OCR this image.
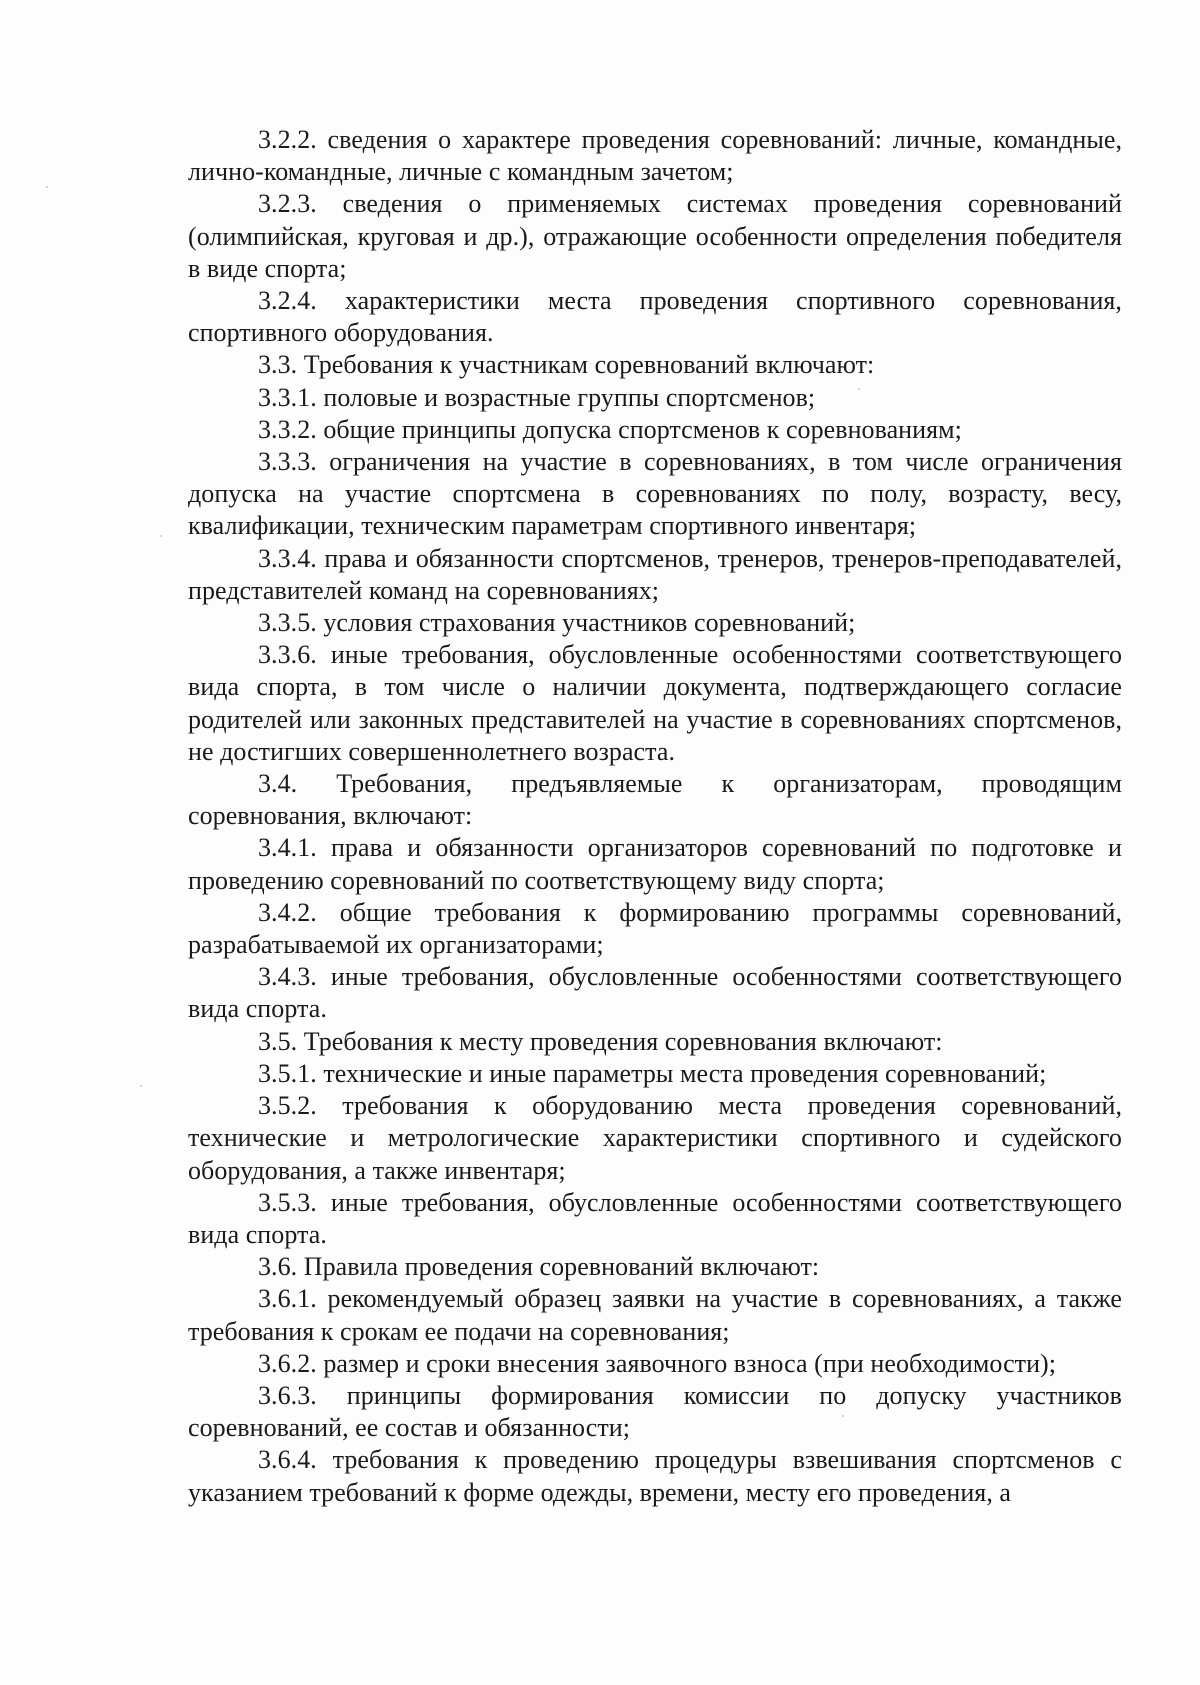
3.2.2. сведения о характере проведения соревнований: личные, командные, лично-командные, личные с командным зачетом;

3.2.3. сведения о применяемых системах проведения соревнований (олимпийская, круговая и др.), отражающие особенности определения победителя в виде спорта;

3.2.4. характеристики места проведения спортивного соревнования, спортивного оборудования.

3.3. Требования к участникам соревнований включают:

3.3.1. половые и возрастные группы спортсменов;

3.3.2. общие принципы допуска спортсменов к соревнованиям;

3.3.3. ограничения на участие в соревнованиях, в том числе ограничения допуска на участие спортсмена в соревнованиях по полу, возрасту, весу, квалификации, техническим параметрам спортивного инвентаря;

3.3.4. права и обязанности спортсменов, тренеров, тренеров-преподавателей, представителей команд на соревнованиях;

3.3.5. условия страхования участников соревнований;

3.3.6. иные требования, обусловленные особенностями соответствующего вида спорта, в том числе о наличии документа, подтверждающего согласие родителей или законных представителей на участие в соревнованиях спортсменов, не достигших совершеннолетнего возраста.

3.4. Требования, предъявляемые к организаторам, проводящим соревнования, включают:

3.4.1. права и обязанности организаторов соревнований по подготовке и проведению соревнований по соответствующему виду спорта;

3.4.2. общие требования к формированию программы соревнований, разрабатываемой их организаторами;

3.4.3. иные требования, обусловленные особенностями соответствующего вида спорта.

3.5. Требования к месту проведения соревнования включают:

3.5.1. технические и иные параметры места проведения соревнований;

3.5.2. требования к оборудованию места проведения соревнований, технические и метрологические характеристики спортивного и судейского оборудования, а также инвентаря;

3.5.3. иные требования, обусловленные особенностями соответствующего вида спорта.

3.6. Правила проведения соревнований включают:

3.6.1. рекомендуемый образец заявки на участие в соревнованиях, а также требования к срокам ее подачи на соревнования;

3.6.2. размер и сроки внесения заявочного взноса (при необходимости);

3.6.3. принципы формирования комиссии по допуску участников соревнований, ее состав и обязанности;

3.6.4. требования к проведению процедуры взвешивания спортсменов с указанием требований к форме одежды, времени, месту его проведения, а
